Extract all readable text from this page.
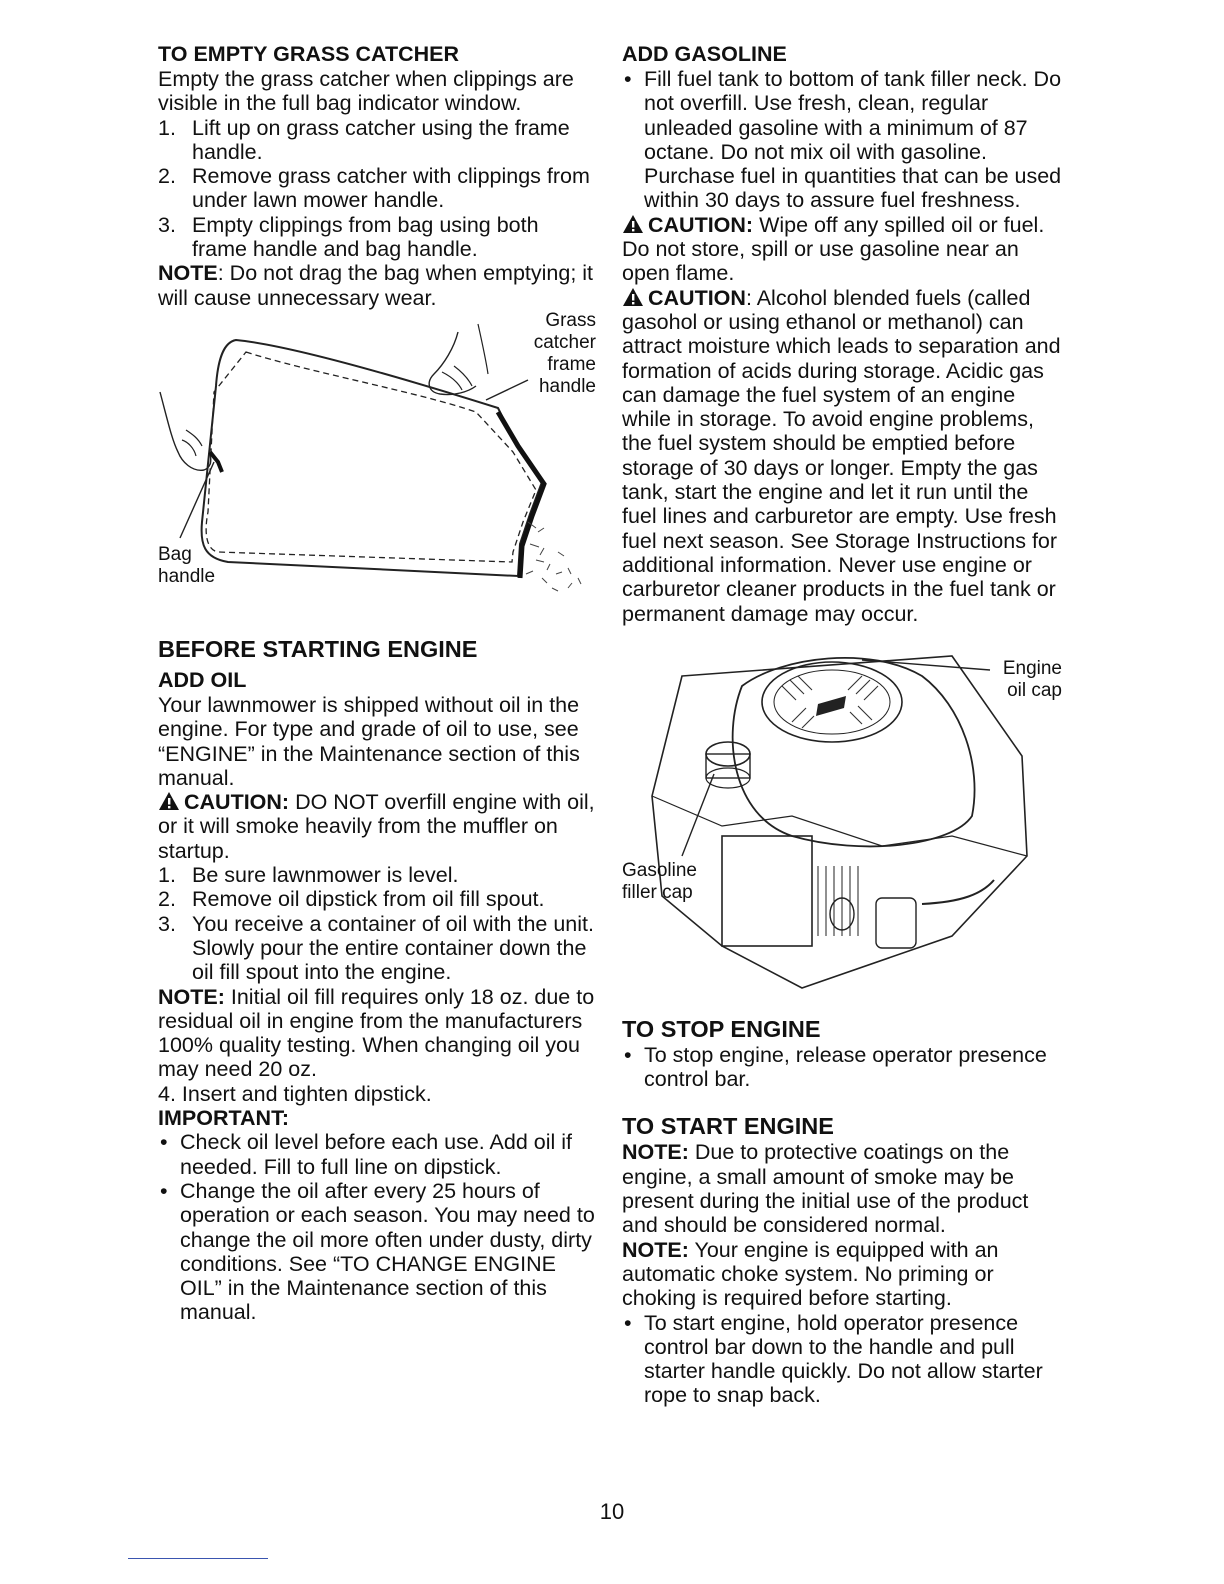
TO EMPTY GRASS CATCHER

Empty the grass catcher when clippings are visible in the full bag indicator window.

1. Lift up on grass catcher using the frame handle.
2. Remove grass catcher with clippings from under lawn mower handle.
3. Empty clippings from bag using both frame handle and bag handle.

NOTE: Do not drag the bag when emptying; it will cause unnecessary wear.

Grass catcher frame handle
Bag handle
BEFORE STARTING ENGINE
ADD OIL

Your lawnmower is shipped without oil in the engine. For type and grade of oil to use, see “ENGINE” in the Maintenance section of this manual.

CAUTION: DO NOT overfill engine with oil, or it will smoke heavily from the muffler on startup.

1. Be sure lawnmower is level.
2. Remove oil dipstick from oil fill spout.
3. You receive a container of oil with the unit. Slowly pour the entire container down the oil fill spout into the engine.

NOTE: Initial oil fill requires only 18 oz. due to residual oil in engine from the manufacturers 100% quality testing. When changing oil you may need 20 oz.

4. Insert and tighten dipstick.

IMPORTANT:

• Check oil level before each use. Add oil if needed. Fill to full line on dipstick.
• Change the oil after every 25 hours of operation or each season. You may need to change the oil more often under dusty, dirty conditions. See “TO CHANGE ENGINE OIL” in the Maintenance section of this manual.
ADD GASOLINE
• Fill fuel tank to bottom of tank filler neck. Do not overfill. Use fresh, clean, regular unleaded gasoline with a minimum of 87 octane. Do not mix oil with gasoline. Purchase fuel in quantities that can be used within 30 days to assure fuel freshness.

CAUTION: Wipe off any spilled oil or fuel. Do not store, spill or use gasoline near an open flame.

CAUTION: Alcohol blended fuels (called gasohol or using ethanol or methanol) can attract moisture which leads to separation and formation of acids during storage. Acidic gas can damage the fuel system of an engine while in storage. To avoid engine problems, the fuel system should be emptied before storage of 30 days or longer. Empty the gas tank, start the engine and let it run until the fuel lines and carburetor are empty. Use fresh fuel next season. See Storage Instructions for additional information. Never use engine or carburetor cleaner products in the fuel tank or permanent damage may occur.

Engine oil cap
Gasoline filler cap
TO STOP ENGINE
• To stop engine, release operator presence control bar.
TO START ENGINE

NOTE: Due to protective coatings on the engine, a small amount of smoke may be present during the initial use of the product and should be considered normal.

NOTE: Your engine is equipped with an automatic choke system. No priming or choking is required before starting.

• To start engine, hold operator presence control bar down to the handle and pull starter handle quickly. Do not allow starter rope to snap back.
10
